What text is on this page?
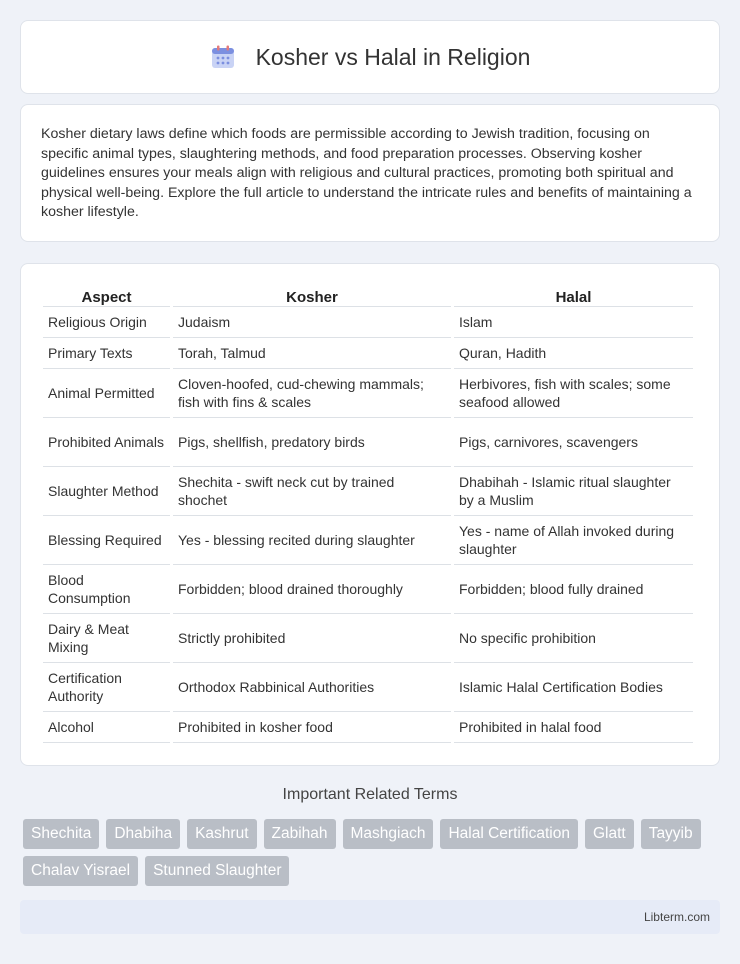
Kosher vs Halal in Religion

Kosher dietary laws define which foods are permissible according to Jewish tradition, focusing on specific animal types, slaughtering methods, and food preparation processes. Observing kosher guidelines ensures your meals align with religious and cultural practices, promoting both spiritual and physical well-being. Explore the full article to understand the intricate rules and benefits of maintaining a kosher lifestyle.

Aspect	Kosher	Halal
Religious Origin	Judaism	Islam
Primary Texts	Torah, Talmud	Quran, Hadith
Animal Permitted	Cloven-hoofed, cud-chewing mammals; fish with fins & scales	Herbivores, fish with scales; some seafood allowed
Prohibited Animals	Pigs, shellfish, predatory birds	Pigs, carnivores, scavengers
Slaughter Method	Shechita - swift neck cut by trained shochet	Dhabihah - Islamic ritual slaughter by a Muslim
Blessing Required	Yes - blessing recited during slaughter	Yes - name of Allah invoked during slaughter
Blood Consumption	Forbidden; blood drained thoroughly	Forbidden; blood fully drained
Dairy & Meat Mixing	Strictly prohibited	No specific prohibition
Certification Authority	Orthodox Rabbinical Authorities	Islamic Halal Certification Bodies
Alcohol	Prohibited in kosher food	Prohibited in halal food
Important Related Terms
Shechita	Dhabiha	Kashrut	Zabihah	Mashgiach	Halal Certification	Glatt	Tayyib
Chalav Yisrael	Stunned Slaughter
Libterm.com
